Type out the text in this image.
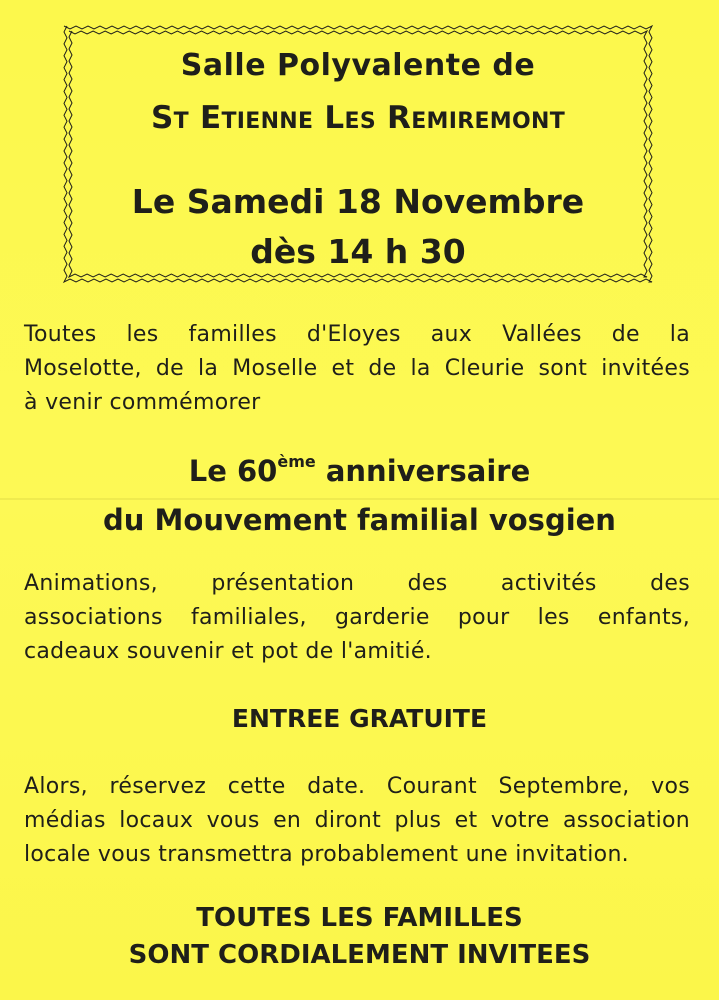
Salle Polyvalente de
St Etienne Les Remiremont
Le Samedi 18 Novembre
dès 14 h 30
Toutes les familles d'Eloyes aux Vallées de la
Moselotte, de la Moselle et de la Cleurie sont invitées
à venir commémorer
Le 60ème anniversaire
du Mouvement familial vosgien
Animations, présentation des activités des
associations familiales, garderie pour les enfants,
cadeaux souvenir et pot de l'amitié.
ENTREE GRATUITE
Alors, réservez cette date. Courant Septembre, vos
médias locaux vous en diront plus et votre association
locale vous transmettra probablement une invitation.
TOUTES LES FAMILLES
SONT CORDIALEMENT INVITEES
